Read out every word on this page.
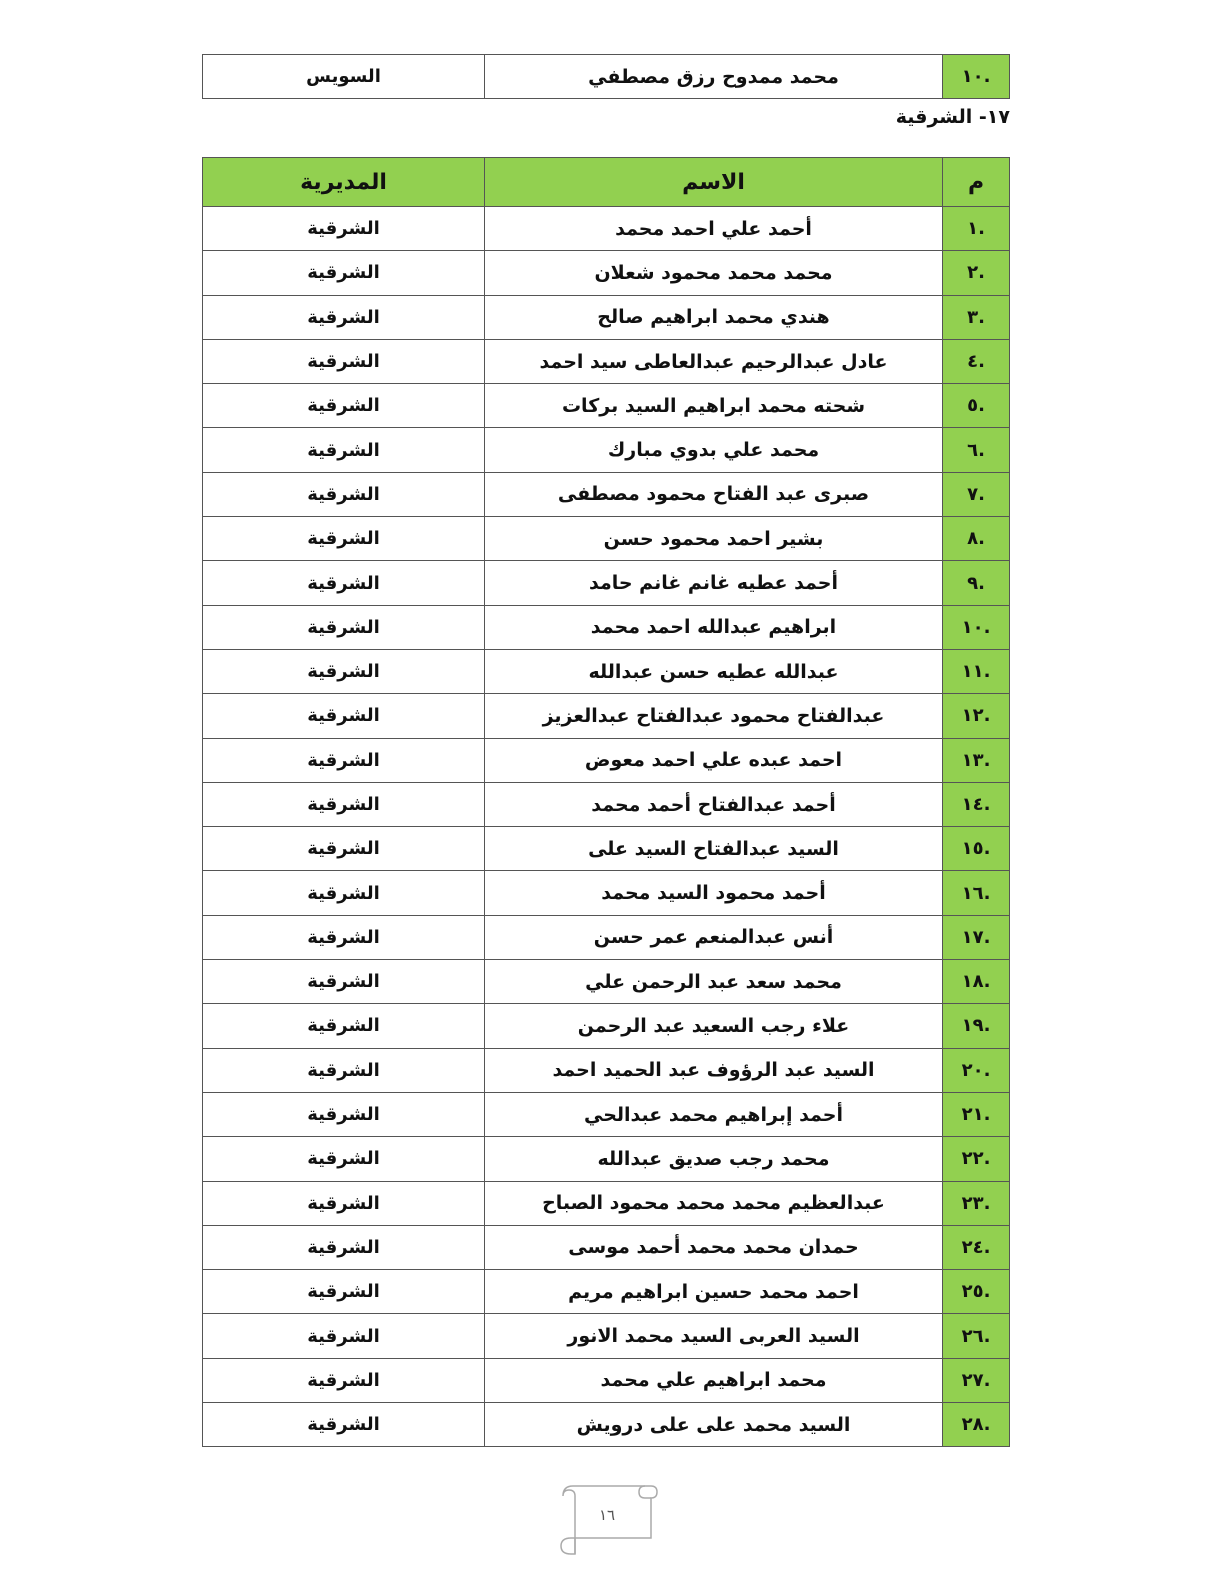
.١٠	محمد ممدوح رزق مصطفي	السويس
١٧- الشرقية
م	الاسم	المديرية
.١	أحمد علي احمد محمد	الشرقية
.٢	محمد محمد محمود شعلان	الشرقية
.٣	هندي محمد ابراهيم صالح	الشرقية
.٤	عادل عبدالرحيم عبدالعاطى سيد احمد	الشرقية
.٥	شحته محمد ابراهيم السيد بركات	الشرقية
.٦	محمد علي بدوي مبارك	الشرقية
.٧	صبرى عبد الفتاح محمود مصطفى	الشرقية
.٨	بشير احمد محمود حسن	الشرقية
.٩	أحمد عطيه غانم غانم حامد	الشرقية
.١٠	ابراهيم عبدالله احمد محمد	الشرقية
.١١	عبدالله عطيه حسن عبدالله	الشرقية
.١٢	عبدالفتاح محمود عبدالفتاح عبدالعزيز	الشرقية
.١٣	احمد عبده علي احمد معوض	الشرقية
.١٤	أحمد عبدالفتاح أحمد محمد	الشرقية
.١٥	السيد عبدالفتاح السيد على	الشرقية
.١٦	أحمد محمود السيد محمد	الشرقية
.١٧	أنس عبدالمنعم عمر حسن	الشرقية
.١٨	محمد سعد عبد الرحمن علي	الشرقية
.١٩	علاء رجب السعيد عبد الرحمن	الشرقية
.٢٠	السيد عبد الرؤوف عبد الحميد احمد	الشرقية
.٢١	أحمد إبراهيم محمد عبدالحي	الشرقية
.٢٢	محمد رجب صديق عبدالله	الشرقية
.٢٣	عبدالعظيم محمد محمد محمود الصباح	الشرقية
.٢٤	حمدان محمد محمد أحمد موسى	الشرقية
.٢٥	احمد محمد حسين ابراهيم مريم	الشرقية
.٢٦	السيد العربى السيد محمد الانور	الشرقية
.٢٧	محمد ابراهيم علي محمد	الشرقية
.٢٨	السيد محمد على على درويش	الشرقية
١٦
